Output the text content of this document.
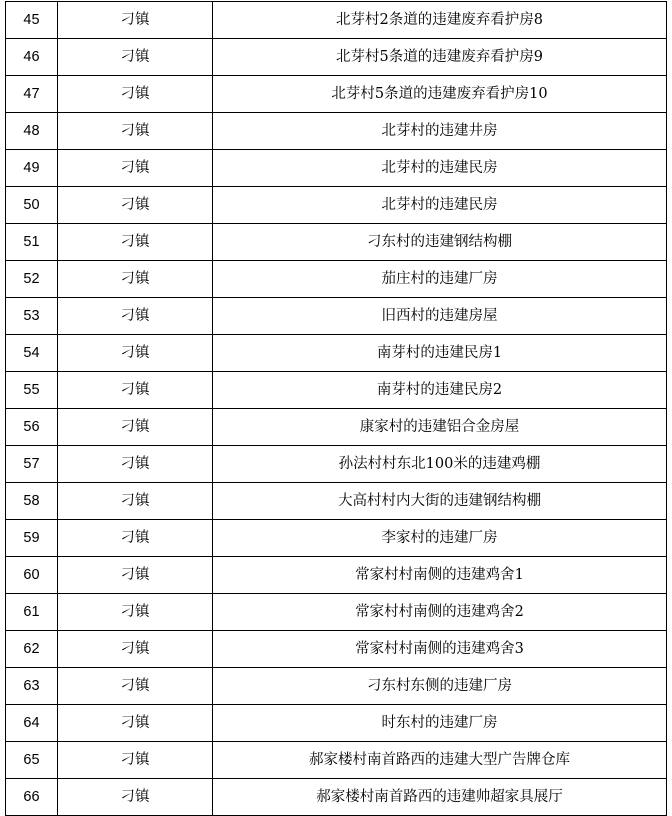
45	刁镇	北芽村2条道的违建废弃看护房8
46	刁镇	北芽村5条道的违建废弃看护房9
47	刁镇	北芽村5条道的违建废弃看护房10
48	刁镇	北芽村的违建井房
49	刁镇	北芽村的违建民房
50	刁镇	北芽村的违建民房
51	刁镇	刁东村的违建钢结构棚
52	刁镇	茄庄村的违建厂房
53	刁镇	旧西村的违建房屋
54	刁镇	南芽村的违建民房1
55	刁镇	南芽村的违建民房2
56	刁镇	康家村的违建铝合金房屋
57	刁镇	孙法村村东北100米的违建鸡棚
58	刁镇	大高村村内大街的违建钢结构棚
59	刁镇	李家村的违建厂房
60	刁镇	常家村村南侧的违建鸡舍1
61	刁镇	常家村村南侧的违建鸡舍2
62	刁镇	常家村村南侧的违建鸡舍3
63	刁镇	刁东村东侧的违建厂房
64	刁镇	时东村的违建厂房
65	刁镇	郝家楼村南首路西的违建大型广告牌仓库
66	刁镇	郝家楼村南首路西的违建帅超家具展厅
